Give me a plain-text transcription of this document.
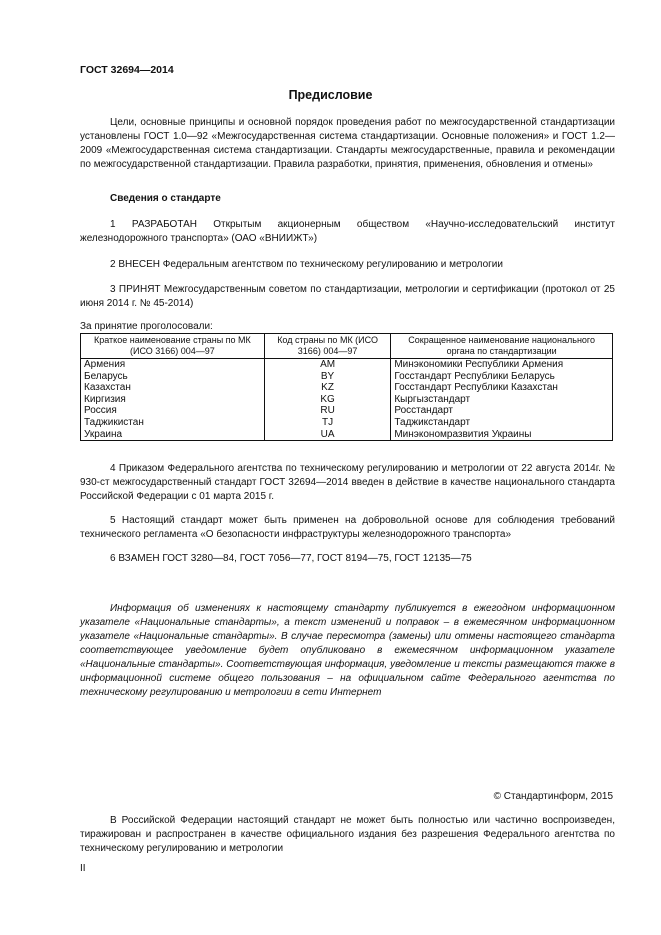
ГОСТ 32694—2014
Предисловие
Цели, основные принципы и основной порядок проведения работ по межгосударственной стандартизации установлены ГОСТ 1.0—92 «Межгосударственная система стандартизации. Основные положения» и ГОСТ 1.2—2009 «Межгосударственная система стандартизации. Стандарты межгосударственные, правила и рекомендации по межгосударственной стандартизации. Правила разработки, принятия, применения, обновления и отмены»
Сведения о стандарте
1 РАЗРАБОТАН Открытым акционерным обществом «Научно-исследовательский институт железнодорожного транспорта» (ОАО «ВНИИЖТ»)
2 ВНЕСЕН Федеральным агентством по техническому регулированию и метрологии
3 ПРИНЯТ Межгосударственным советом по стандартизации, метрологии и сертификации (протокол от 25 июня 2014 г. № 45-2014)
За принятие проголосовали:
Краткое наименование страны по МК (ИСО 3166) 004—97	Код страны по МК (ИСО 3166) 004—97	Сокращенное наименование национального органа по стандартизации
Армения	AM	Минэкономики Республики Армения
Беларусь	BY	Госстандарт Республики Беларусь
Казахстан	KZ	Госстандарт Республики Казахстан
Киргизия	KG	Кыргызстандарт
Россия	RU	Росстандарт
Таджикистан	TJ	Таджикстандарт
Украина	UA	Минэкономразвития Украины
4 Приказом Федерального агентства по техническому регулированию и метрологии от 22 августа 2014г. № 930-ст межгосударственный стандарт ГОСТ 32694—2014 введен в действие в качестве национального стандарта Российской Федерации с 01 марта 2015 г.
5 Настоящий стандарт может быть применен на добровольной основе для соблюдения требований технического регламента «О безопасности инфраструктуры железнодорожного транспорта»
6 ВЗАМЕН ГОСТ 3280—84, ГОСТ 7056—77, ГОСТ 8194—75, ГОСТ 12135—75
Информация об изменениях к настоящему стандарту публикуется в ежегодном информационном указателе «Национальные стандарты», а текст изменений и поправок – в ежемесячном информационном указателе «Национальные стандарты». В случае пересмотра (замены) или отмены настоящего стандарта соответствующее уведомление будет опубликовано в ежемесячном информационном указателе «Национальные стандарты». Соответствующая информация, уведомление и тексты размещаются также в информационной системе общего пользования – на официальном сайте Федерального агентства по техническому регулированию и метрологии в сети Интернет
© Стандартинформ, 2015
В Российской Федерации настоящий стандарт не может быть полностью или частично воспроизведен, тиражирован и распространен в качестве официального издания без разрешения Федерального агентства по техническому регулированию и метрологии
II
